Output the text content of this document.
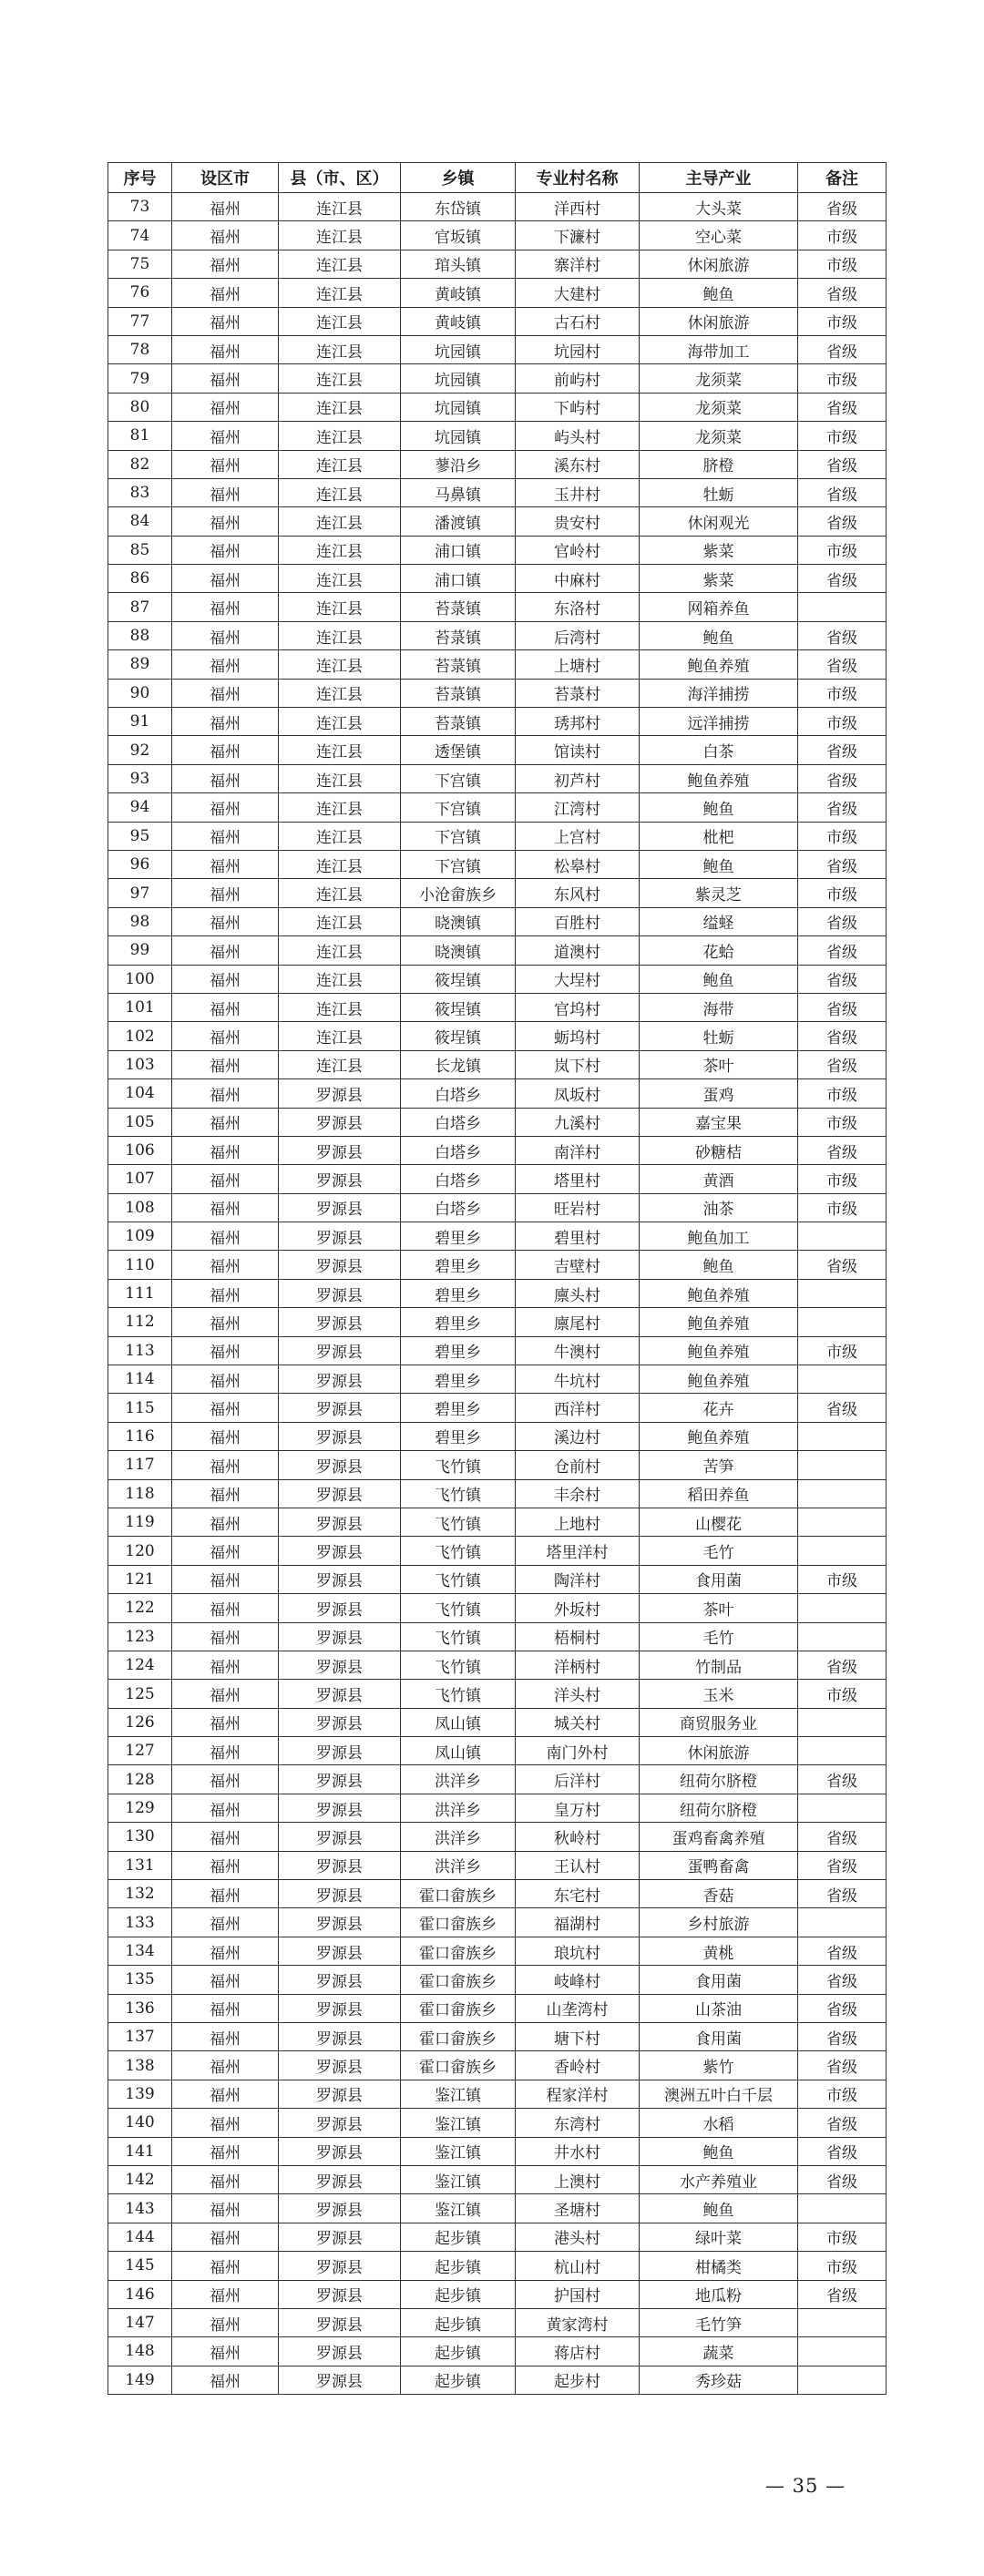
序号	设区市	县（市、区）	乡镇	专业村名称	主导产业	备注
73	福州	连江县	东岱镇	洋西村	大头菜	省级
74	福州	连江县	官坂镇	下濂村	空心菜	市级
75	福州	连江县	琯头镇	寨洋村	休闲旅游	市级
76	福州	连江县	黄岐镇	大建村	鲍鱼	省级
77	福州	连江县	黄岐镇	古石村	休闲旅游	市级
78	福州	连江县	坑园镇	坑园村	海带加工	省级
79	福州	连江县	坑园镇	前屿村	龙须菜	市级
80	福州	连江县	坑园镇	下屿村	龙须菜	省级
81	福州	连江县	坑园镇	屿头村	龙须菜	市级
82	福州	连江县	蓼沿乡	溪东村	脐橙	省级
83	福州	连江县	马鼻镇	玉井村	牡蛎	省级
84	福州	连江县	潘渡镇	贵安村	休闲观光	省级
85	福州	连江县	浦口镇	官岭村	紫菜	市级
86	福州	连江县	浦口镇	中麻村	紫菜	省级
87	福州	连江县	苔菉镇	东洛村	网箱养鱼	
88	福州	连江县	苔菉镇	后湾村	鲍鱼	省级
89	福州	连江县	苔菉镇	上塘村	鲍鱼养殖	省级
90	福州	连江县	苔菉镇	苔菉村	海洋捕捞	市级
91	福州	连江县	苔菉镇	琇邦村	远洋捕捞	市级
92	福州	连江县	透堡镇	馆读村	白茶	省级
93	福州	连江县	下宫镇	初芦村	鲍鱼养殖	省级
94	福州	连江县	下宫镇	江湾村	鲍鱼	省级
95	福州	连江县	下宫镇	上宫村	枇杷	市级
96	福州	连江县	下宫镇	松皋村	鲍鱼	省级
97	福州	连江县	小沧畲族乡	东风村	紫灵芝	市级
98	福州	连江县	晓澳镇	百胜村	缢蛏	省级
99	福州	连江县	晓澳镇	道澳村	花蛤	省级
100	福州	连江县	筱埕镇	大埕村	鲍鱼	省级
101	福州	连江县	筱埕镇	官坞村	海带	省级
102	福州	连江县	筱埕镇	蛎坞村	牡蛎	省级
103	福州	连江县	长龙镇	岚下村	茶叶	省级
104	福州	罗源县	白塔乡	凤坂村	蛋鸡	市级
105	福州	罗源县	白塔乡	九溪村	嘉宝果	市级
106	福州	罗源县	白塔乡	南洋村	砂糖桔	省级
107	福州	罗源县	白塔乡	塔里村	黄酒	市级
108	福州	罗源县	白塔乡	旺岩村	油茶	市级
109	福州	罗源县	碧里乡	碧里村	鲍鱼加工	
110	福州	罗源县	碧里乡	吉壁村	鲍鱼	省级
111	福州	罗源县	碧里乡	廪头村	鲍鱼养殖	
112	福州	罗源县	碧里乡	廪尾村	鲍鱼养殖	
113	福州	罗源县	碧里乡	牛澳村	鲍鱼养殖	市级
114	福州	罗源县	碧里乡	牛坑村	鲍鱼养殖	
115	福州	罗源县	碧里乡	西洋村	花卉	省级
116	福州	罗源县	碧里乡	溪边村	鲍鱼养殖	
117	福州	罗源县	飞竹镇	仓前村	苦笋	
118	福州	罗源县	飞竹镇	丰余村	稻田养鱼	
119	福州	罗源县	飞竹镇	上地村	山樱花	
120	福州	罗源县	飞竹镇	塔里洋村	毛竹	
121	福州	罗源县	飞竹镇	陶洋村	食用菌	市级
122	福州	罗源县	飞竹镇	外坂村	茶叶	
123	福州	罗源县	飞竹镇	梧桐村	毛竹	
124	福州	罗源县	飞竹镇	洋柄村	竹制品	省级
125	福州	罗源县	飞竹镇	洋头村	玉米	市级
126	福州	罗源县	凤山镇	城关村	商贸服务业	
127	福州	罗源县	凤山镇	南门外村	休闲旅游	
128	福州	罗源县	洪洋乡	后洋村	纽荷尔脐橙	省级
129	福州	罗源县	洪洋乡	皇万村	纽荷尔脐橙	
130	福州	罗源县	洪洋乡	秋岭村	蛋鸡畜禽养殖	省级
131	福州	罗源县	洪洋乡	王认村	蛋鸭畜禽	省级
132	福州	罗源县	霍口畲族乡	东宅村	香菇	省级
133	福州	罗源县	霍口畲族乡	福湖村	乡村旅游	
134	福州	罗源县	霍口畲族乡	琅坑村	黄桃	省级
135	福州	罗源县	霍口畲族乡	岐峰村	食用菌	省级
136	福州	罗源县	霍口畲族乡	山垄湾村	山茶油	省级
137	福州	罗源县	霍口畲族乡	塘下村	食用菌	省级
138	福州	罗源县	霍口畲族乡	香岭村	紫竹	省级
139	福州	罗源县	鉴江镇	程家洋村	澳洲五叶白千层	市级
140	福州	罗源县	鉴江镇	东湾村	水稻	省级
141	福州	罗源县	鉴江镇	井水村	鲍鱼	省级
142	福州	罗源县	鉴江镇	上澳村	水产养殖业	省级
143	福州	罗源县	鉴江镇	圣塘村	鲍鱼	
144	福州	罗源县	起步镇	港头村	绿叶菜	市级
145	福州	罗源县	起步镇	杭山村	柑橘类	市级
146	福州	罗源县	起步镇	护国村	地瓜粉	省级
147	福州	罗源县	起步镇	黄家湾村	毛竹笋	
148	福州	罗源县	起步镇	蒋店村	蔬菜	
149	福州	罗源县	起步镇	起步村	秀珍菇	
— 35 —
